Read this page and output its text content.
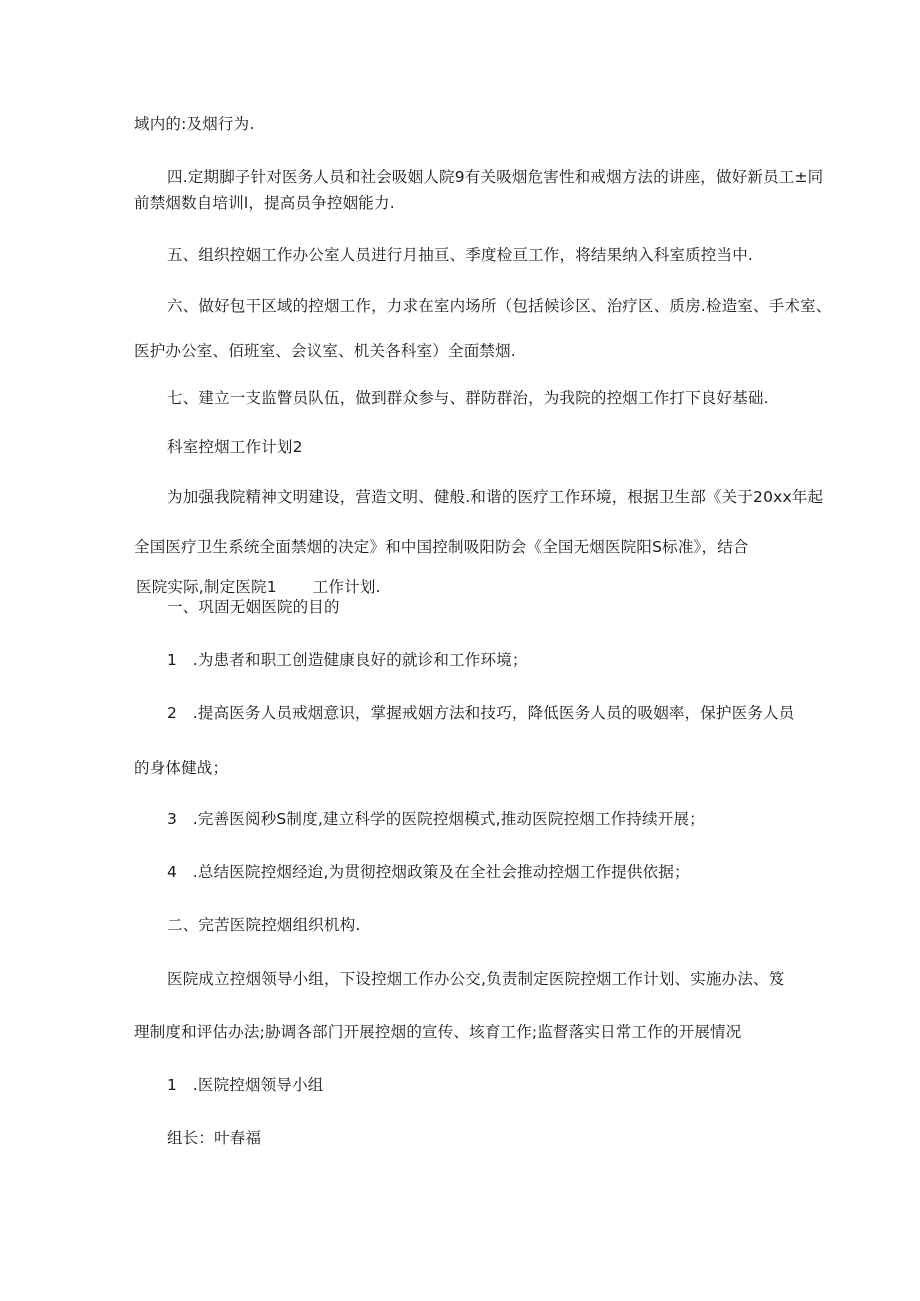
域内的:及烟行为.
四.定期脚子针对医务人员和社会吸姻人院9有关吸烟危害性和戒烟方法的讲座，做好新员工±同
前禁烟数自培训l，提高员争控姻能力.
五、组织控姻工作办公室人员进行月抽亘、季度检亘工作，将结果纳入科室质控当中.
六、做好包干区域的控烟工作，力求在室内场所（包括候诊区、治疗区、质房.检造室、手术室、
医护办公室、佰班室、会议室、机关各科室）全面禁烟.
七、建立一支监瞥员队伍，做到群众参与、群防群治，为我院的控烟工作打下良好基础.
科室控烟工作计划2
为加强我院精神文明建设，营造文明、健般.和谐的医疗工作环境，根据卫生部《关于20xx年起
全国医疗卫生系统全面禁烟的决定》和中国控制吸阳防会《全国无烟医院阳S标准》，结合
医院实际,制定医院1 工作计划.
一、巩固无姻医院的目的
1　.为患者和职工创造健康良好的就诊和工作环境；
2　.提高医务人员戒烟意识，掌握戒姻方法和技巧，降低医务人员的吸姻率，保护医务人员
的身体健战；
3　.完善医阅秒S制度,建立科学的医院控烟模式,推动医院控烟工作持续开展；
4　.总结医院控烟经迨,为贯彻控烟政策及在全社会推动控烟工作提供依据；
二、完苦医院控烟组织机构.
医院成立控烟领导小组，下设控烟工作办公交,负责制定医院控烟工作计划、实施办法、笈
理制度和评估办法;胁调各部门开展控烟的宣传、垓育工作;监督落实日常工作的开展情况
1　.医院控烟领导小组
组长：叶春福
